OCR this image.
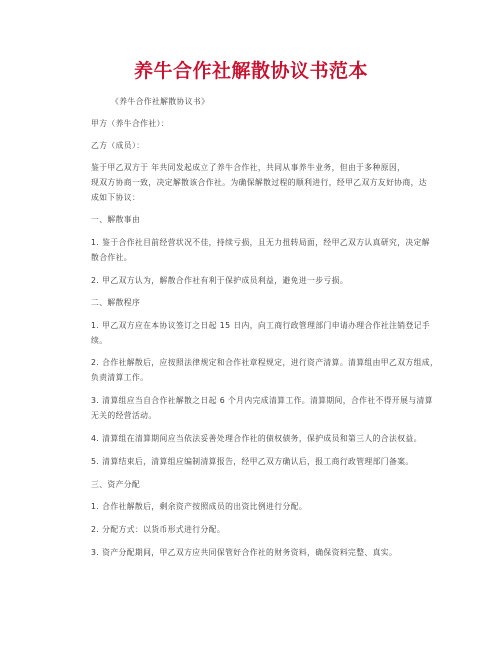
养牛合作社解散协议书范本
《养牛合作社解散协议书》
甲方（养牛合作社）：
乙方（成员）：
鉴于甲乙双方于 年共同发起成立了养牛合作社，共同从事养牛业务，但由于多种原因，
现双方协商一致，决定解散该合作社。为确保解散过程的顺利进行，经甲乙双方友好协商，达
成如下协议：
一、解散事由
1. 鉴于合作社目前经营状况不佳，持续亏损，且无力扭转局面，经甲乙双方认真研究，决定解
散合作社。
2. 甲乙双方认为，解散合作社有利于保护成员利益，避免进一步亏损。
二、解散程序
1. 甲乙双方应在本协议签订之日起 15 日内，向工商行政管理部门申请办理合作社注销登记手
续。
2. 合作社解散后，应按照法律规定和合作社章程规定，进行资产清算。清算组由甲乙双方组成，
负责清算工作。
3. 清算组应当自合作社解散之日起 6 个月内完成清算工作。清算期间，合作社不得开展与清算
无关的经营活动。
4. 清算组在清算期间应当依法妥善处理合作社的债权债务，保护成员和第三人的合法权益。
5. 清算结束后，清算组应编制清算报告，经甲乙双方确认后，报工商行政管理部门备案。
三、资产分配
1. 合作社解散后，剩余资产按照成员的出资比例进行分配。
2. 分配方式：以货币形式进行分配。
3. 资产分配期间，甲乙双方应共同保管好合作社的财务资料，确保资料完整、真实。
